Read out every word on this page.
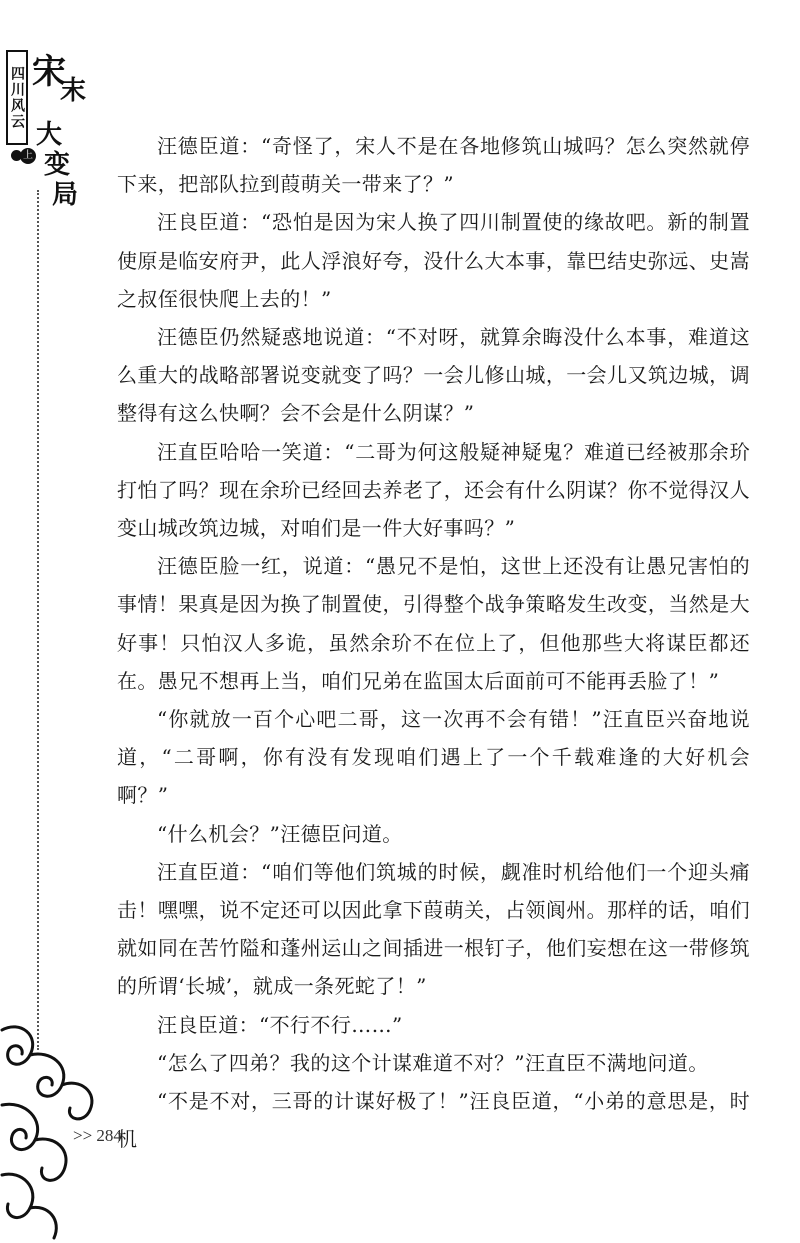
四川风云 宋
末
大
变
局
上	汪德臣道：“奇怪了，宋人不是在各地修筑山城吗？怎么突然就停下来，把部队拉到葭萌关一带来了？”

汪良臣道：“恐怕是因为宋人换了四川制置使的缘故吧。新的制置使原是临安府尹，此人浮浪好夸，没什么大本事，靠巴结史弥远、史嵩之叔侄很快爬上去的！”

汪德臣仍然疑惑地说道：“不对呀，就算余晦没什么本事，难道这么重大的战略部署说变就变了吗？一会儿修山城，一会儿又筑边城，调整得有这么快啊？会不会是什么阴谋？”

汪直臣哈哈一笑道：“二哥为何这般疑神疑鬼？难道已经被那余玠打怕了吗？现在余玠已经回去养老了，还会有什么阴谋？你不觉得汉人变山城改筑边城，对咱们是一件大好事吗？”

汪德臣脸一红，说道：“愚兄不是怕，这世上还没有让愚兄害怕的事情！果真是因为换了制置使，引得整个战争策略发生改变，当然是大好事！只怕汉人多诡，虽然余玠不在位上了，但他那些大将谋臣都还在。愚兄不想再上当，咱们兄弟在监国太后面前可不能再丢脸了！”

“你就放一百个心吧二哥，这一次再不会有错！”汪直臣兴奋地说道，“二哥啊，你有没有发现咱们遇上了一个千载难逢的大好机会啊？”

“什么机会？”汪德臣问道。

汪直臣道：“咱们等他们筑城的时候，觑准时机给他们一个迎头痛击！嘿嘿，说不定还可以因此拿下葭萌关，占领阆州。那样的话，咱们就如同在苦竹隘和蓬州运山之间插进一根钉子，他们妄想在这一带修筑的所谓‘长城’，就成一条死蛇了！”

汪良臣道：“不行不行……”

“怎么了四弟？我的这个计谋难道不对？”汪直臣不满地问道。

“不是不对，三哥的计谋好极了！”汪良臣道，“小弟的意思是，时机

>> 284
